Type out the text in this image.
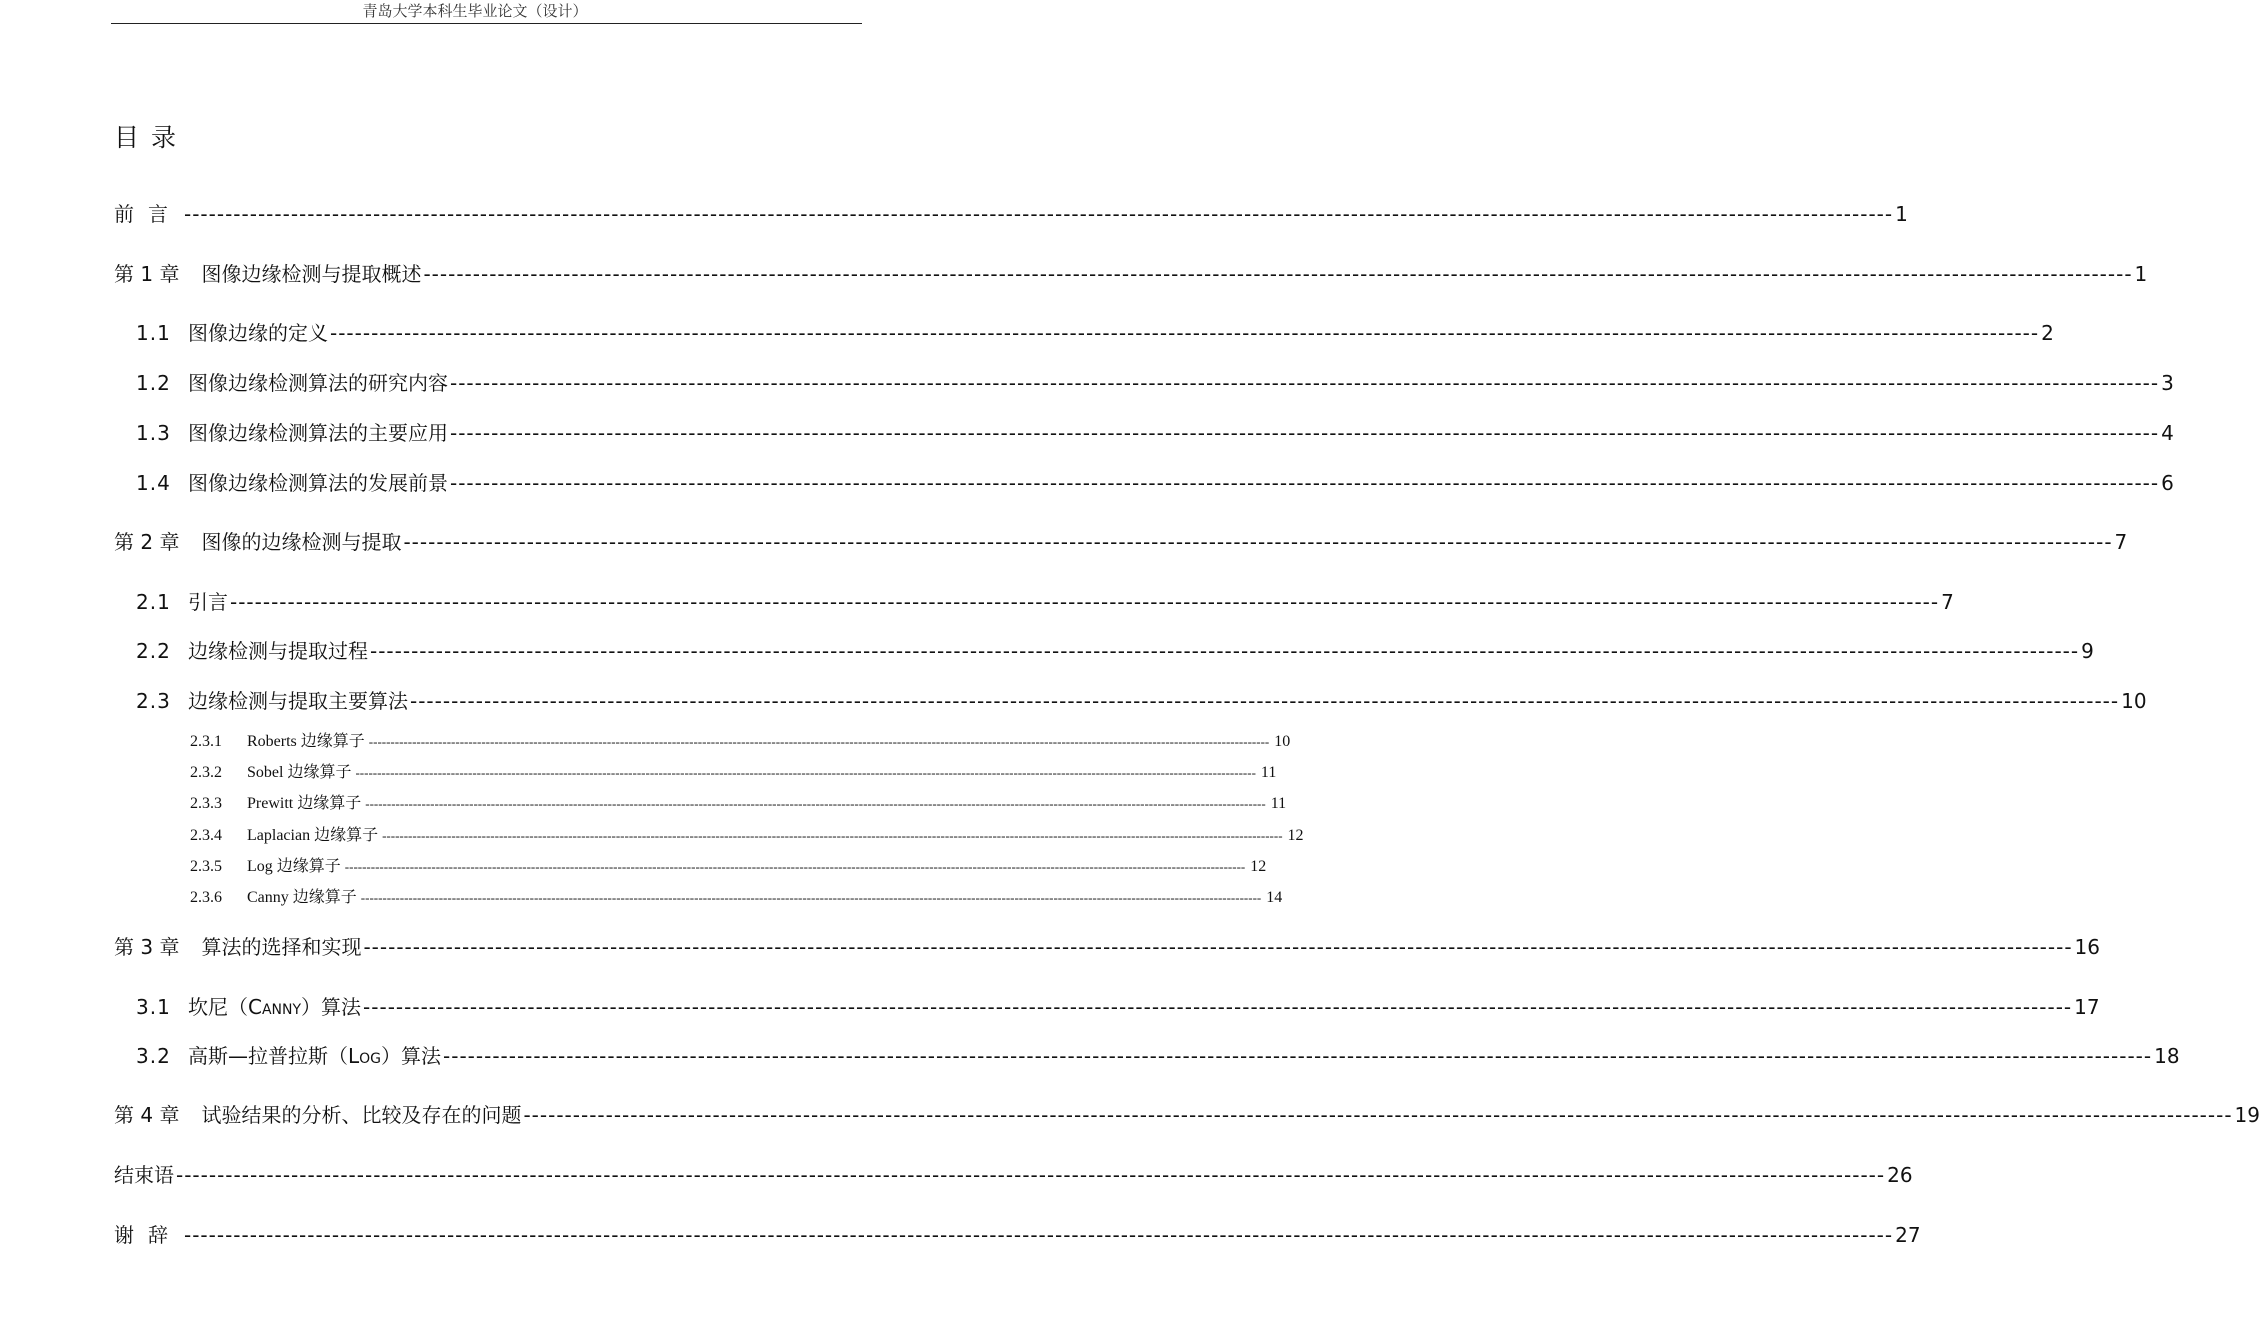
青岛大学本科生毕业论文（设计）
目录
前言 ---------------------------------------------------------------------------------------------------------------------------------------------------------------------------------------------------------------- 1
第 1 章 图像边缘检测与提取概述 ---------------------------------------------------------------------------------------------------------------------------------------------------------------------------------------------------------------- 1
1.1 图像边缘的定义 ---------------------------------------------------------------------------------------------------------------------------------------------------------------------------------------------------------------- 2
1.2 图像边缘检测算法的研究内容 ---------------------------------------------------------------------------------------------------------------------------------------------------------------------------------------------------------------- 3
1.3 图像边缘检测算法的主要应用 ---------------------------------------------------------------------------------------------------------------------------------------------------------------------------------------------------------------- 4
1.4 图像边缘检测算法的发展前景 ---------------------------------------------------------------------------------------------------------------------------------------------------------------------------------------------------------------- 6
第 2 章 图像的边缘检测与提取 ---------------------------------------------------------------------------------------------------------------------------------------------------------------------------------------------------------------- 7
2.1 引言 ---------------------------------------------------------------------------------------------------------------------------------------------------------------------------------------------------------------- 7
2.2 边缘检测与提取过程 ---------------------------------------------------------------------------------------------------------------------------------------------------------------------------------------------------------------- 9
2.3 边缘检测与提取主要算法 ---------------------------------------------------------------------------------------------------------------------------------------------------------------------------------------------------------------- 10
2.3.1	Roberts 边缘算子 ---------------------------------------------------------------------------------------------------------------------------------------------------------------------------------------------------------------- 10
2.3.2	Sobel 边缘算子 ---------------------------------------------------------------------------------------------------------------------------------------------------------------------------------------------------------------- 11
2.3.3	Prewitt 边缘算子 ---------------------------------------------------------------------------------------------------------------------------------------------------------------------------------------------------------------- 11
2.3.4	Laplacian 边缘算子 ---------------------------------------------------------------------------------------------------------------------------------------------------------------------------------------------------------------- 12
2.3.5	Log 边缘算子 ---------------------------------------------------------------------------------------------------------------------------------------------------------------------------------------------------------------- 12
2.3.6	Canny 边缘算子 ---------------------------------------------------------------------------------------------------------------------------------------------------------------------------------------------------------------- 14
第 3 章 算法的选择和实现 ---------------------------------------------------------------------------------------------------------------------------------------------------------------------------------------------------------------- 16
3.1 坎尼（Canny）算法 ---------------------------------------------------------------------------------------------------------------------------------------------------------------------------------------------------------------- 17
3.2 高斯—拉普拉斯（Log）算法 ---------------------------------------------------------------------------------------------------------------------------------------------------------------------------------------------------------------- 18
第 4 章 试验结果的分析、比较及存在的问题 ---------------------------------------------------------------------------------------------------------------------------------------------------------------------------------------------------------------- 19
结束语 ---------------------------------------------------------------------------------------------------------------------------------------------------------------------------------------------------------------- 26
谢辞 ---------------------------------------------------------------------------------------------------------------------------------------------------------------------------------------------------------------- 27
